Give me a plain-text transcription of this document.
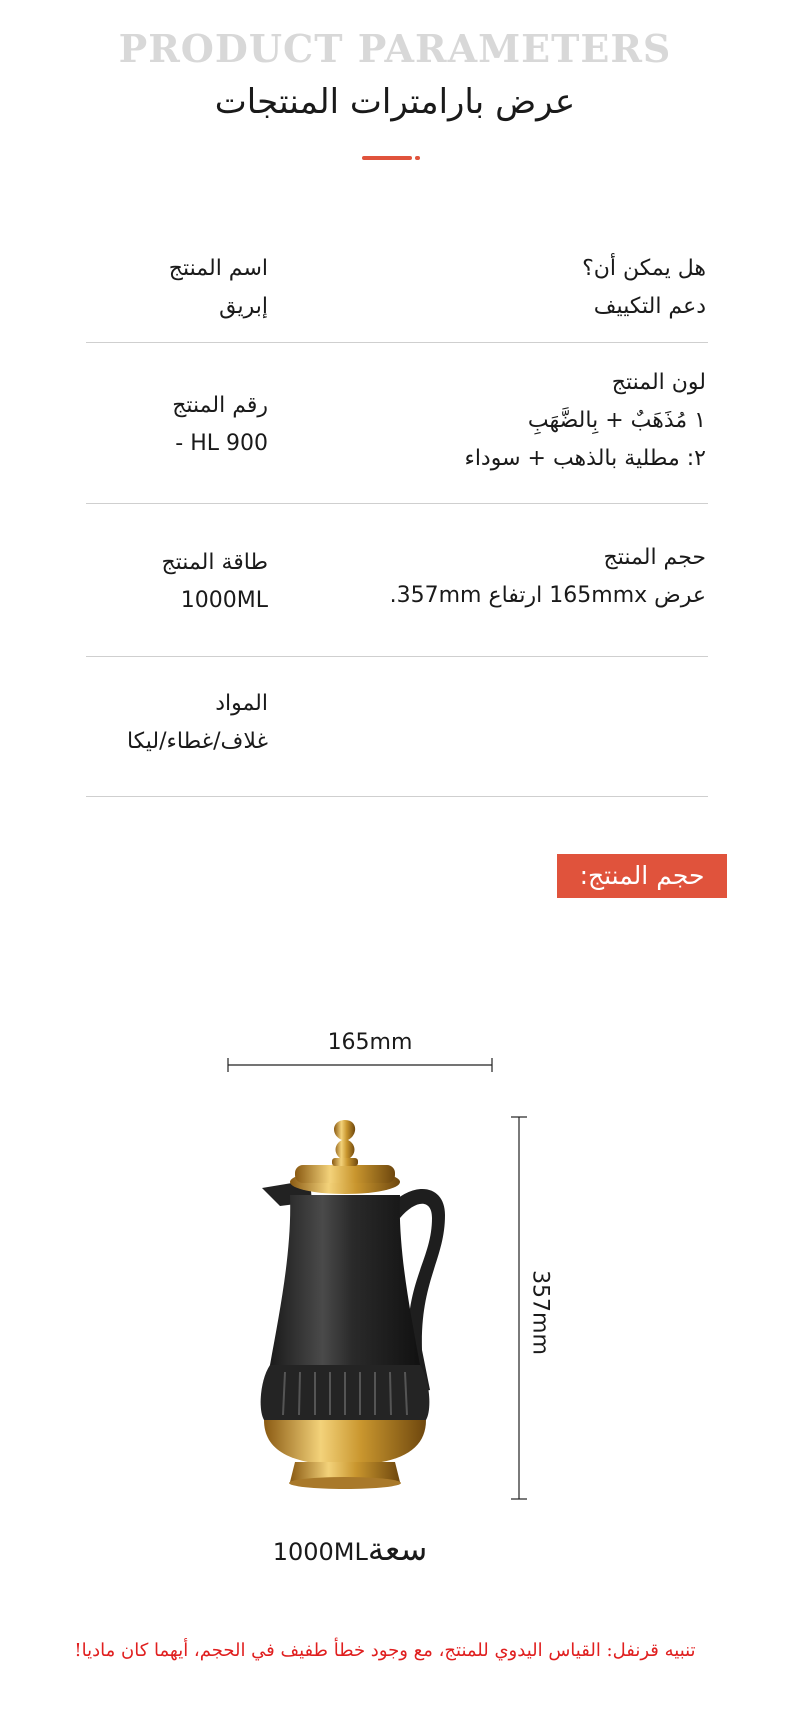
PRODUCT PARAMETERS
عرض بارامترات المنتجات
اسم المنتج
إبريق
هل يمكن أن؟
دعم التكييف
رقم المنتج
- HL 900
لون المنتج
١ مُذَهَبٌ + بِالضَّهَبِ
٢: مطلية بالذهب + سوداء
طاقة المنتج
1000ML
حجم المنتج
عرض 165mmx ارتفاع 357mm.
المواد
غلاف/غطاء/ليكا
حجم المنتج:
165mm
357mm
1000MLسعة
تنبيه قرنفل: القياس اليدوي للمنتج، مع وجود خطأ طفيف في الحجم، أيهما كان ماديا!
